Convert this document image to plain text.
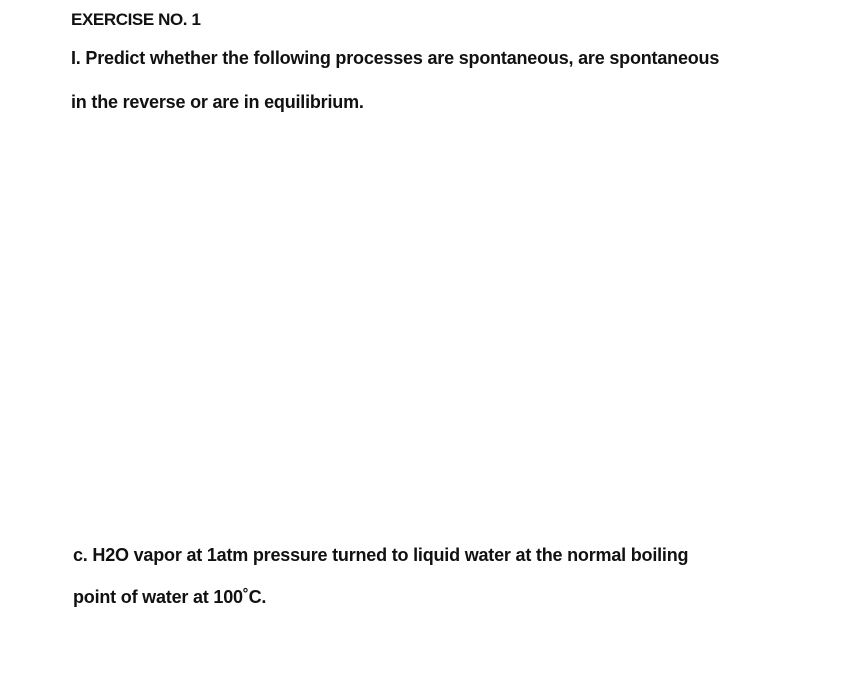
EXERCISE NO. 1
I. Predict whether the following processes are spontaneous, are spontaneous
in the reverse or are in equilibrium.
c. H2O vapor at 1atm pressure turned to liquid water at the normal boiling
point of water at 100˚C.
